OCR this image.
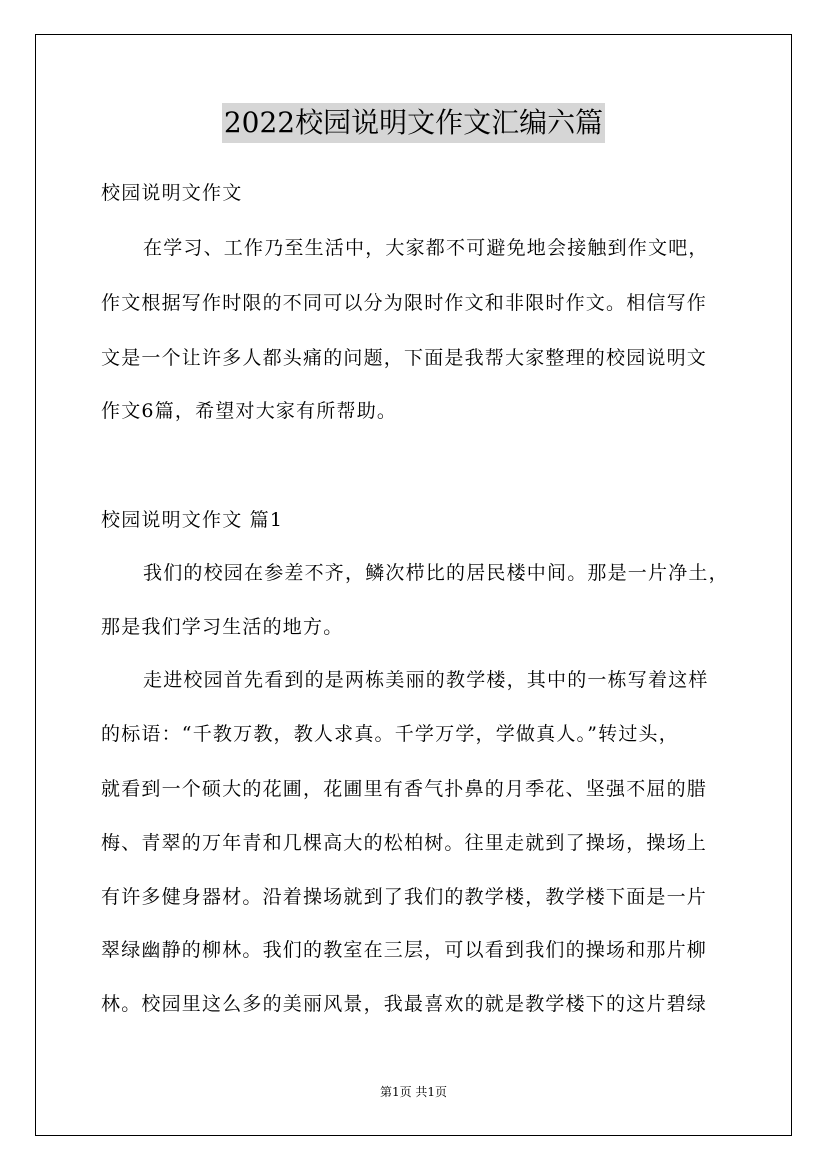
2022校园说明文作文汇编六篇
校园说明文作文
在学习、工作乃至生活中，大家都不可避免地会接触到作文吧，
作文根据写作时限的不同可以分为限时作文和非限时作文。相信写作
文是一个让许多人都头痛的问题，下面是我帮大家整理的校园说明文
作文6篇，希望对大家有所帮助。
校园说明文作文 篇1
我们的校园在参差不齐，鳞次栉比的居民楼中间。那是一片净土，
那是我们学习生活的地方。
走进校园首先看到的是两栋美丽的教学楼，其中的一栋写着这样
的标语：“千教万教，教人求真。千学万学，学做真人。”转过头，
就看到一个硕大的花圃，花圃里有香气扑鼻的月季花、坚强不屈的腊
梅、青翠的万年青和几棵高大的松柏树。往里走就到了操场，操场上
有许多健身器材。沿着操场就到了我们的教学楼，教学楼下面是一片
翠绿幽静的柳林。我们的教室在三层，可以看到我们的操场和那片柳
林。校园里这么多的美丽风景，我最喜欢的就是教学楼下的这片碧绿
第1页 共1页
